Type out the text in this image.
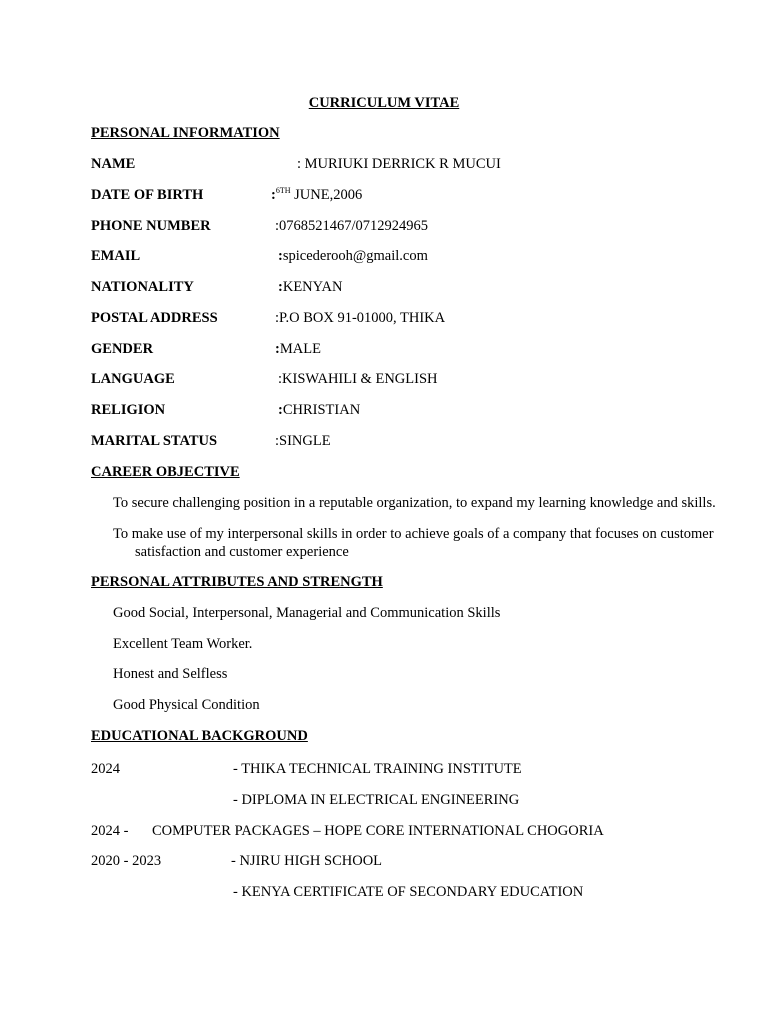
CURRICULUM VITAE
PERSONAL INFORMATION
NAME	: MURIUKI DERRICK R MUCUI
DATE OF BIRTH	:$^{6TH}$ JUNE,2006
PHONE NUMBER	:0768521467/0712924965
EMAIL	:spicederooh@gmail.com
NATIONALITY	:KENYAN
POSTAL ADDRESS	:P.O BOX 91-01000, THIKA
GENDER	:MALE
LANGUAGE	:KISWAHILI & ENGLISH
RELIGION	:CHRISTIAN
MARITAL STATUS	:SINGLE
CAREER OBJECTIVE
To secure challenging position in a reputable organization, to expand my learning knowledge and skills.
To make use of my interpersonal skills in order to achieve goals of a company that focuses on customer satisfaction and customer experience
PERSONAL ATTRIBUTES AND STRENGTH
Good Social, Interpersonal, Managerial and Communication Skills
Excellent Team Worker.
Honest and Selfless
Good Physical Condition
EDUCATIONAL BACKGROUND
2024	- THIKA TECHNICAL TRAINING INSTITUTE
- DIPLOMA IN ELECTRICAL ENGINEERING
2024 - COMPUTER PACKAGES – HOPE CORE INTERNATIONAL CHOGORIA
2020 - 2023	- NJIRU HIGH SCHOOL
- KENYA CERTIFICATE OF SECONDARY EDUCATION
